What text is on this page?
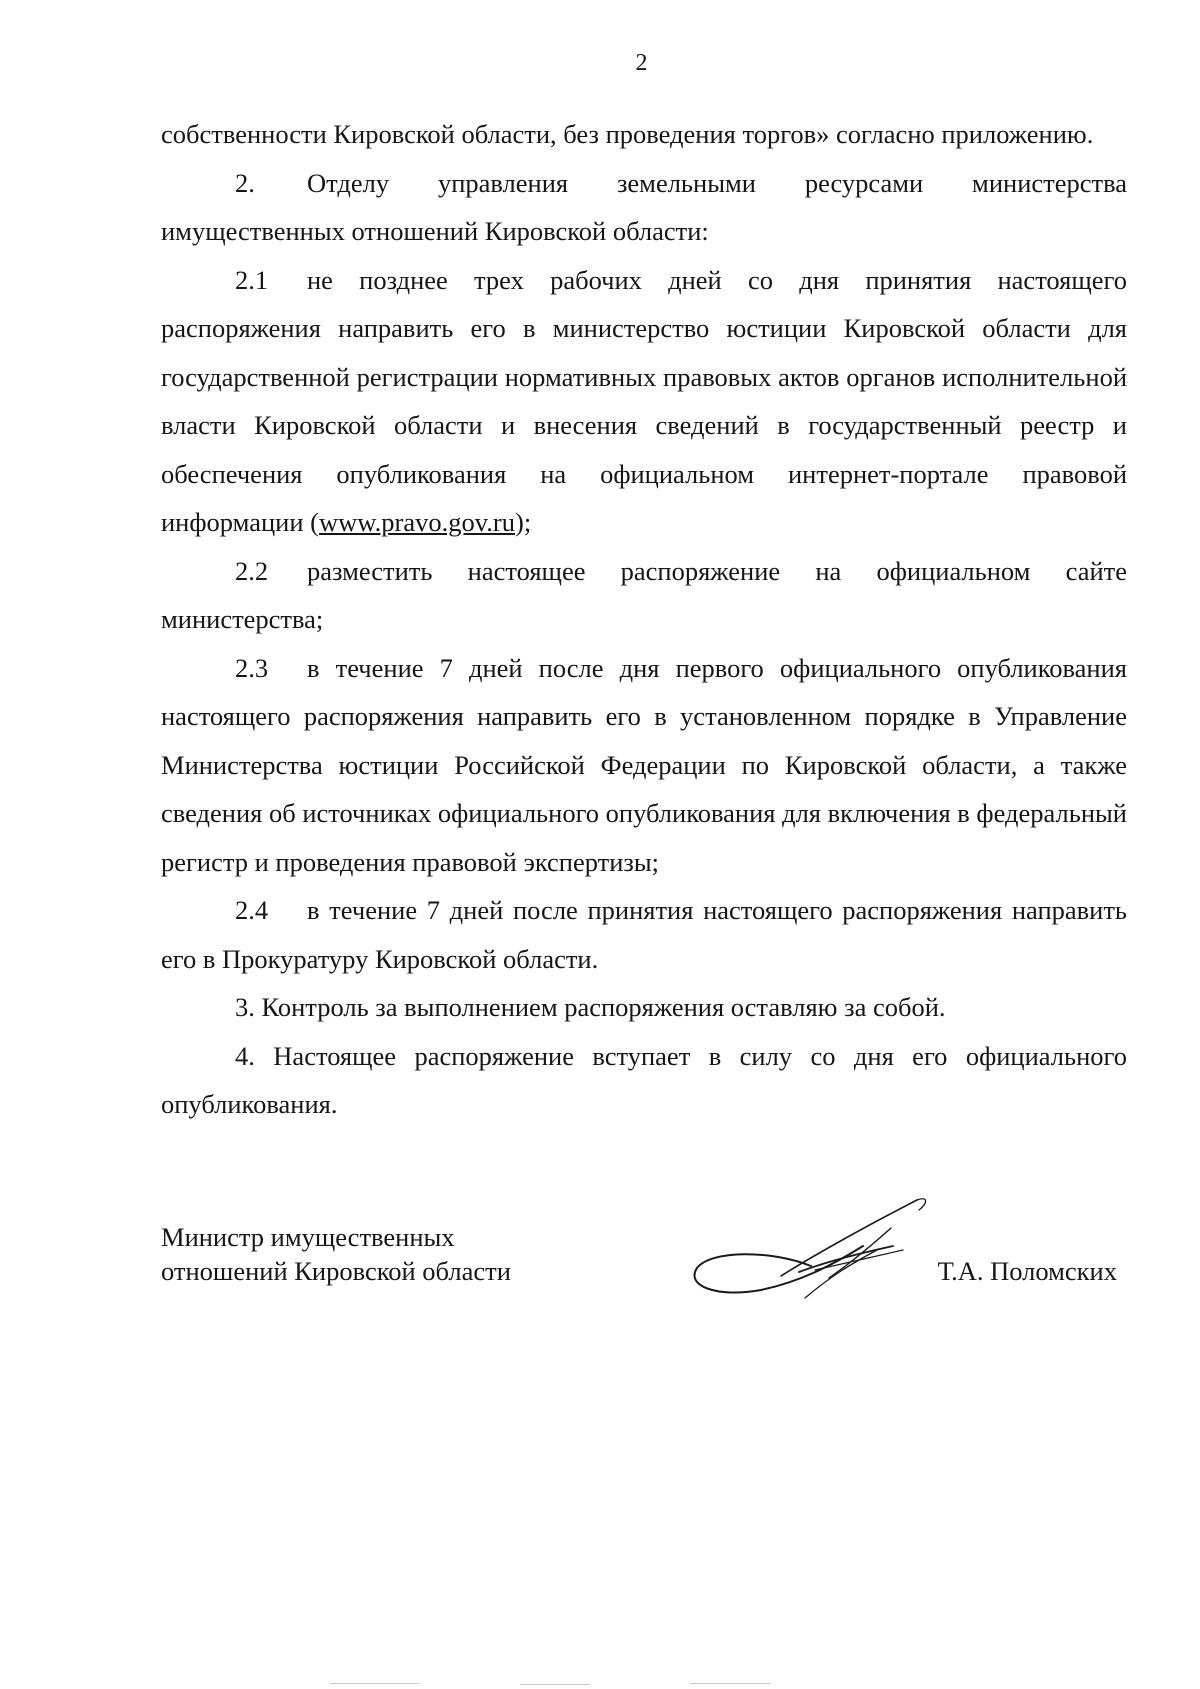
2

собственности Кировской области, без проведения торгов» согласно приложению.

2. Отделу управления земельными ресурсами министерства имущественных отношений Кировской области:

2.1 не позднее трех рабочих дней со дня принятия настоящего распоряжения направить его в министерство юстиции Кировской области для государственной регистрации нормативных правовых актов органов исполнительной власти Кировской области и внесения сведений в государственный реестр и обеспечения опубликования на официальном интернет-портале правовой информации (www.pravo.gov.ru);

2.2 разместить настоящее распоряжение на официальном сайте министерства;

2.3 в течение 7 дней после дня первого официального опубликования настоящего распоряжения направить его в установленном порядке в Управление Министерства юстиции Российской Федерации по Кировской области, а также сведения об источниках официального опубликования для включения в федеральный регистр и проведения правовой экспертизы;

2.4 в течение 7 дней после принятия настоящего распоряжения направить его в Прокуратуру Кировской области.

3. Контроль за выполнением распоряжения оставляю за собой.

4. Настоящее распоряжение вступает в силу со дня его официального опубликования.

Министр имущественных
отношений Кировской области	Т.А. Поломских
